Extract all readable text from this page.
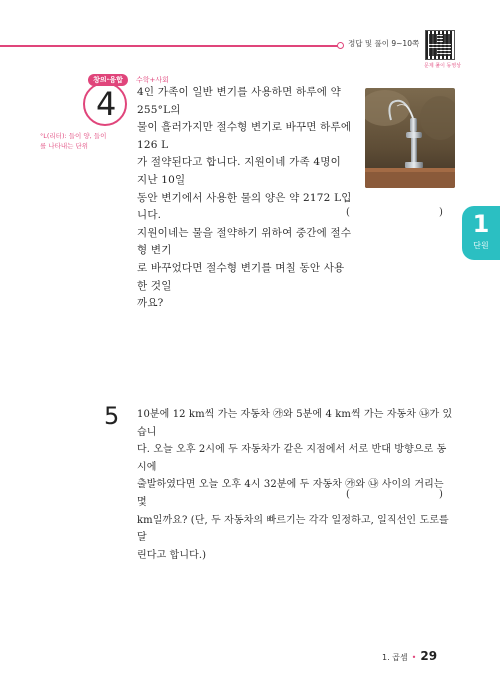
정답 및 풀이 9~10쪽
문제 풀이 동영상
창의·융합	수학+사회
4
°L(리터): 들이 양, 들이를 나타내는 단위
4인 가족이 일반 변기를 사용하면 하루에 약 255°L의
물이 흘러가지만 절수형 변기로 바꾸면 하루에 126 L
가 절약된다고 합니다. 지원이네 가족 4명이 지난 10일
동안 변기에서 사용한 물의 양은 약 2172 L입니다.
지원이네는 물을 절약하기 위하여 중간에 절수형 변기
로 바꾸었다면 절수형 변기를 며칠 동안 사용한 것일
까요?
(	)	1
단원
5 10분에 12 km씩 가는 자동차 ㉮와 5분에 4 km씩 가는 자동차 ㉯가 있습니
다. 오늘 오후 2시에 두 자동차가 같은 지점에서 서로 반대 방향으로 동시에
출발하였다면 오늘 오후 4시 32분에 두 자동차 ㉮와 ㉯ 사이의 거리는 몇
km일까요? (단, 두 자동차의 빠르기는 각각 일정하고, 일직선인 도로를 달
린다고 합니다.)
(	)
1. 곱셈 • 29
